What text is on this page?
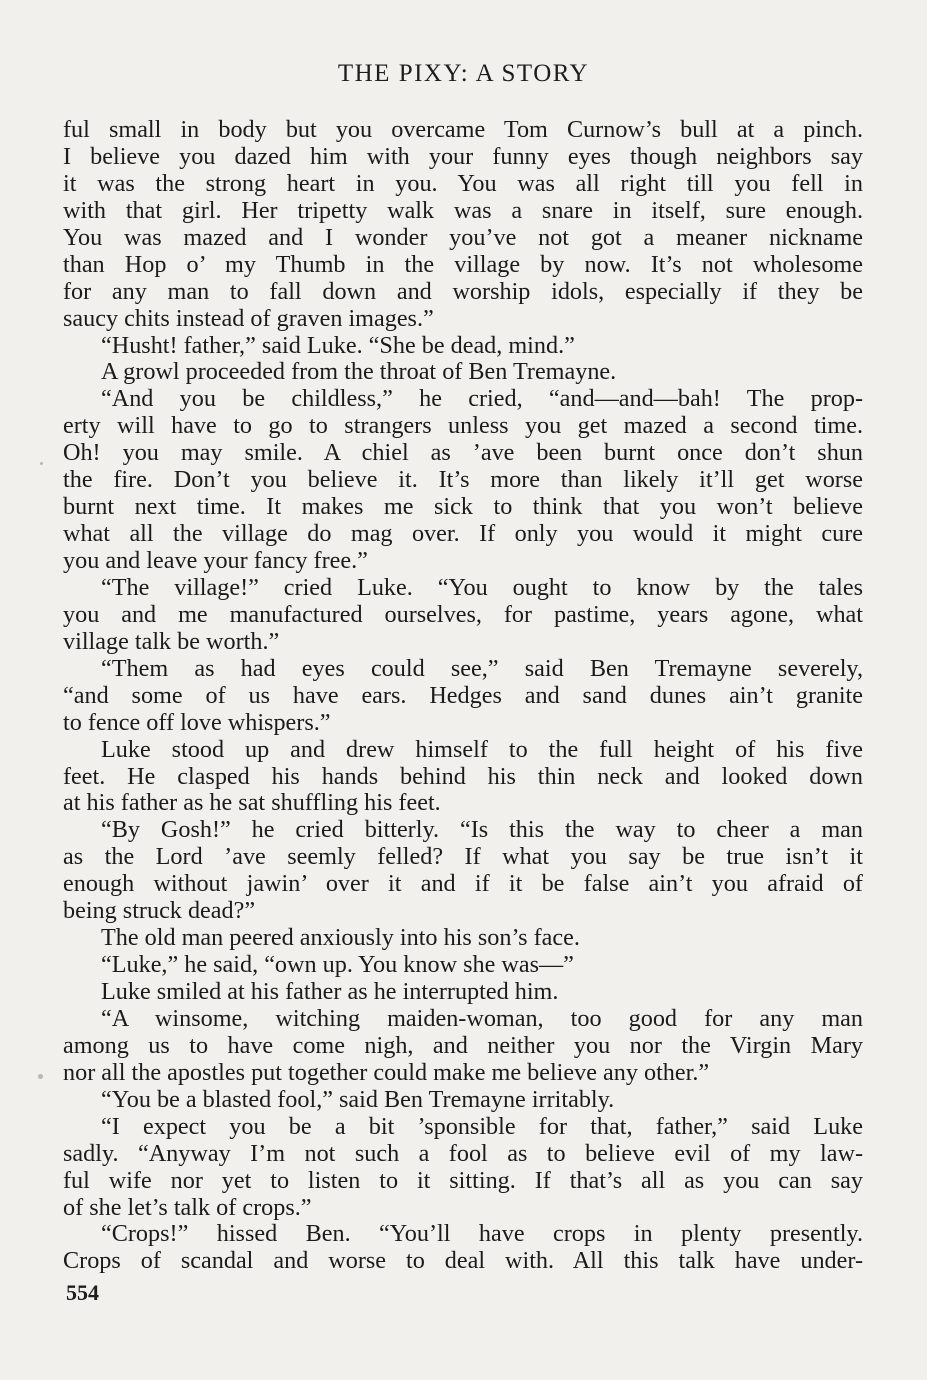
THE PIXY: A STORY
ful small in body but you overcame Tom Curnow’s bull at a pinch.
I believe you dazed him with your funny eyes though neighbors say
it was the strong heart in you. You was all right till you fell in
with that girl. Her tripetty walk was a snare in itself, sure enough.
You was mazed and I wonder you’ve not got a meaner nickname
than Hop o’ my Thumb in the village by now. It’s not wholesome
for any man to fall down and worship idols, especially if they be
saucy chits instead of graven images.”
“Husht! father,” said Luke. “She be dead, mind.”
A growl proceeded from the throat of Ben Tremayne.
“And you be childless,” he cried, “and—and—bah! The prop-
erty will have to go to strangers unless you get mazed a second time.
Oh! you may smile. A chiel as ’ave been burnt once don’t shun
the fire. Don’t you believe it. It’s more than likely it’ll get worse
burnt next time. It makes me sick to think that you won’t believe
what all the village do mag over. If only you would it might cure
you and leave your fancy free.”
“The village!” cried Luke. “You ought to know by the tales
you and me manufactured ourselves, for pastime, years agone, what
village talk be worth.”
“Them as had eyes could see,” said Ben Tremayne severely,
“and some of us have ears. Hedges and sand dunes ain’t granite
to fence off love whispers.”
Luke stood up and drew himself to the full height of his five
feet. He clasped his hands behind his thin neck and looked down
at his father as he sat shuffling his feet.
“By Gosh!” he cried bitterly. “Is this the way to cheer a man
as the Lord ’ave seemly felled? If what you say be true isn’t it
enough without jawin’ over it and if it be false ain’t you afraid of
being struck dead?”
The old man peered anxiously into his son’s face.
“Luke,” he said, “own up. You know she was—”
Luke smiled at his father as he interrupted him.
“A winsome, witching maiden-woman, too good for any man
among us to have come nigh, and neither you nor the Virgin Mary
nor all the apostles put together could make me believe any other.”
“You be a blasted fool,” said Ben Tremayne irritably.
“I expect you be a bit ’sponsible for that, father,” said Luke
sadly. “Anyway I’m not such a fool as to believe evil of my law-
ful wife nor yet to listen to it sitting. If that’s all as you can say
of she let’s talk of crops.”
“Crops!” hissed Ben. “You’ll have crops in plenty presently.
Crops of scandal and worse to deal with. All this talk have under-
554
